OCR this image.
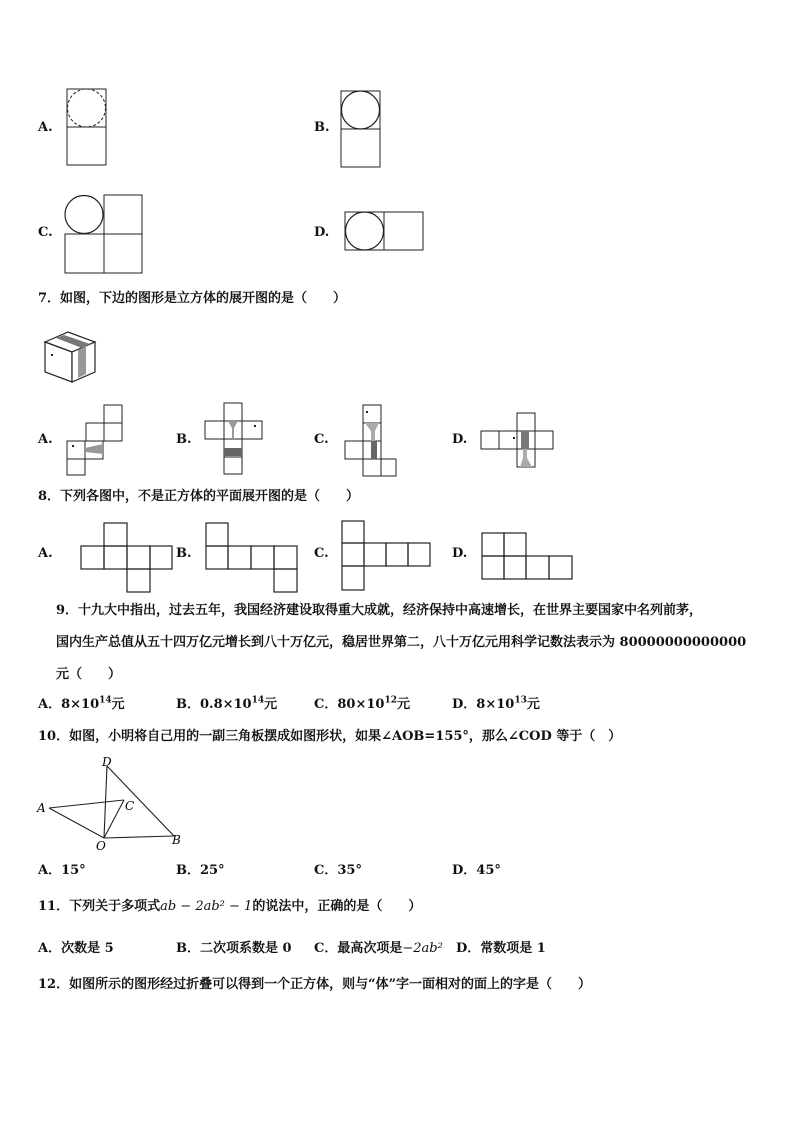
A.	B.
C.	D.
7．如图，下边的图形是立方体的展开图的是（　　）
A.	B.	C.	D.
8．下列各图中，不是正方体的平面展开图的是（　　）
A.	B.	C.	D.
9．十九大中指出，过去五年，我国经济建设取得重大成就，经济保持中高速增长，在世界主要国家中名列前茅，
国内生产总值从五十四万亿元增长到八十万亿元，稳居世界第二，八十万亿元用科学记数法表示为 80000000000000
元（　　）
A．$8\times 10^{14}$元	B．$0.8\times 10^{14}$元	C．$80\times 10^{12}$元	D．$8\times 10^{13}$元
10．如图，小明将自己用的一副三角板摆成如图形状，如果∠AOB=155°，那么∠COD 等于（　）
D
A	C
O	B
A．15°	B．25°	C．35°	D．45°
11．下列关于多项式ab − 2ab² − 1的说法中，正确的是（　　）
A．次数是 5	B．二次项系数是 0 C．最高次项是−2ab² D．常数项是 1
12．如图所示的图形经过折叠可以得到一个正方体，则与“体”字一面相对的面上的字是（　　）
